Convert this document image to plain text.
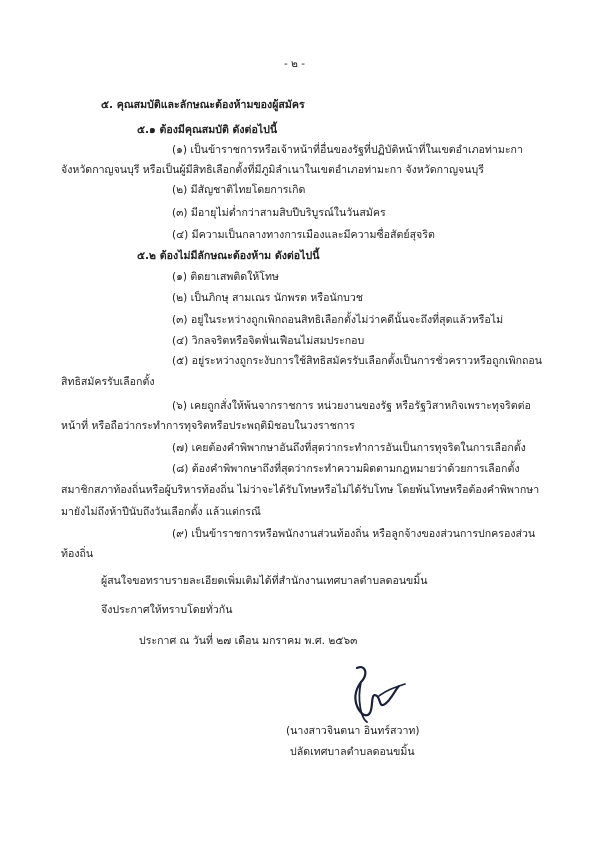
- ๒ -
๕. คุณสมบัติและลักษณะต้องห้ามของผู้สมัคร
๕.๑ ต้องมีคุณสมบัติ ดังต่อไปนี้
(๑) เป็นข้าราชการหรือเจ้าหน้าที่อื่นของรัฐที่ปฏิบัติหน้าที่ในเขตอำเภอท่ามะกา
จังหวัดกาญจนบุรี หรือเป็นผู้มีสิทธิเลือกตั้งที่มีภูมิลำเนาในเขตอำเภอท่ามะกา จังหวัดกาญจนบุรี
(๒) มีสัญชาติไทยโดยการเกิด
(๓) มีอายุไม่ต่ำกว่าสามสิบปีบริบูรณ์ในวันสมัคร
(๔) มีความเป็นกลางทางการเมืองและมีความซื่อสัตย์สุจริต
๕.๒ ต้องไม่มีลักษณะต้องห้าม ดังต่อไปนี้
(๑) ติดยาเสพติดให้โทษ
(๒) เป็นภิกษุ สามเณร นักพรต หรือนักบวช
(๓) อยู่ในระหว่างถูกเพิกถอนสิทธิเลือกตั้งไม่ว่าคดีนั้นจะถึงที่สุดแล้วหรือไม่
(๔) วิกลจริตหรือจิตฟั่นเฟือนไม่สมประกอบ
(๕) อยู่ระหว่างถูกระงับการใช้สิทธิสมัครรับเลือกตั้งเป็นการชั่วคราวหรือถูกเพิกถอน
สิทธิสมัครรับเลือกตั้ง
(๖) เคยถูกสั่งให้พ้นจากราชการ หน่วยงานของรัฐ หรือรัฐวิสาหกิจเพราะทุจริตต่อ
หน้าที่ หรือถือว่ากระทำการทุจริตหรือประพฤติมิชอบในวงราชการ
(๗) เคยต้องคำพิพากษาอันถึงที่สุดว่ากระทำการอันเป็นการทุจริตในการเลือกตั้ง
(๘) ต้องคำพิพากษาถึงที่สุดว่ากระทำความผิดตามกฎหมายว่าด้วยการเลือกตั้ง
สมาชิกสภาท้องถิ่นหรือผู้บริหารท้องถิ่น ไม่ว่าจะได้รับโทษหรือไม่ได้รับโทษ โดยพ้นโทษหรือต้องคำพิพากษา
มายังไม่ถึงห้าปีนับถึงวันเลือกตั้ง แล้วแต่กรณี
(๙) เป็นข้าราชการหรือพนักงานส่วนท้องถิ่น หรือลูกจ้างของส่วนการปกครองส่วน
ท้องถิ่น
ผู้สนใจขอทราบรายละเอียดเพิ่มเติมได้ที่สำนักงานเทศบาลตำบลดอนขมิ้น
จึงประกาศให้ทราบโดยทั่วกัน
ประกาศ ณ วันที่ ๒๗ เดือน มกราคม พ.ศ. ๒๕๖๓
(นางสาวจินตนา อินทร์สวาท)
ปลัดเทศบาลตำบลดอนขมิ้น
